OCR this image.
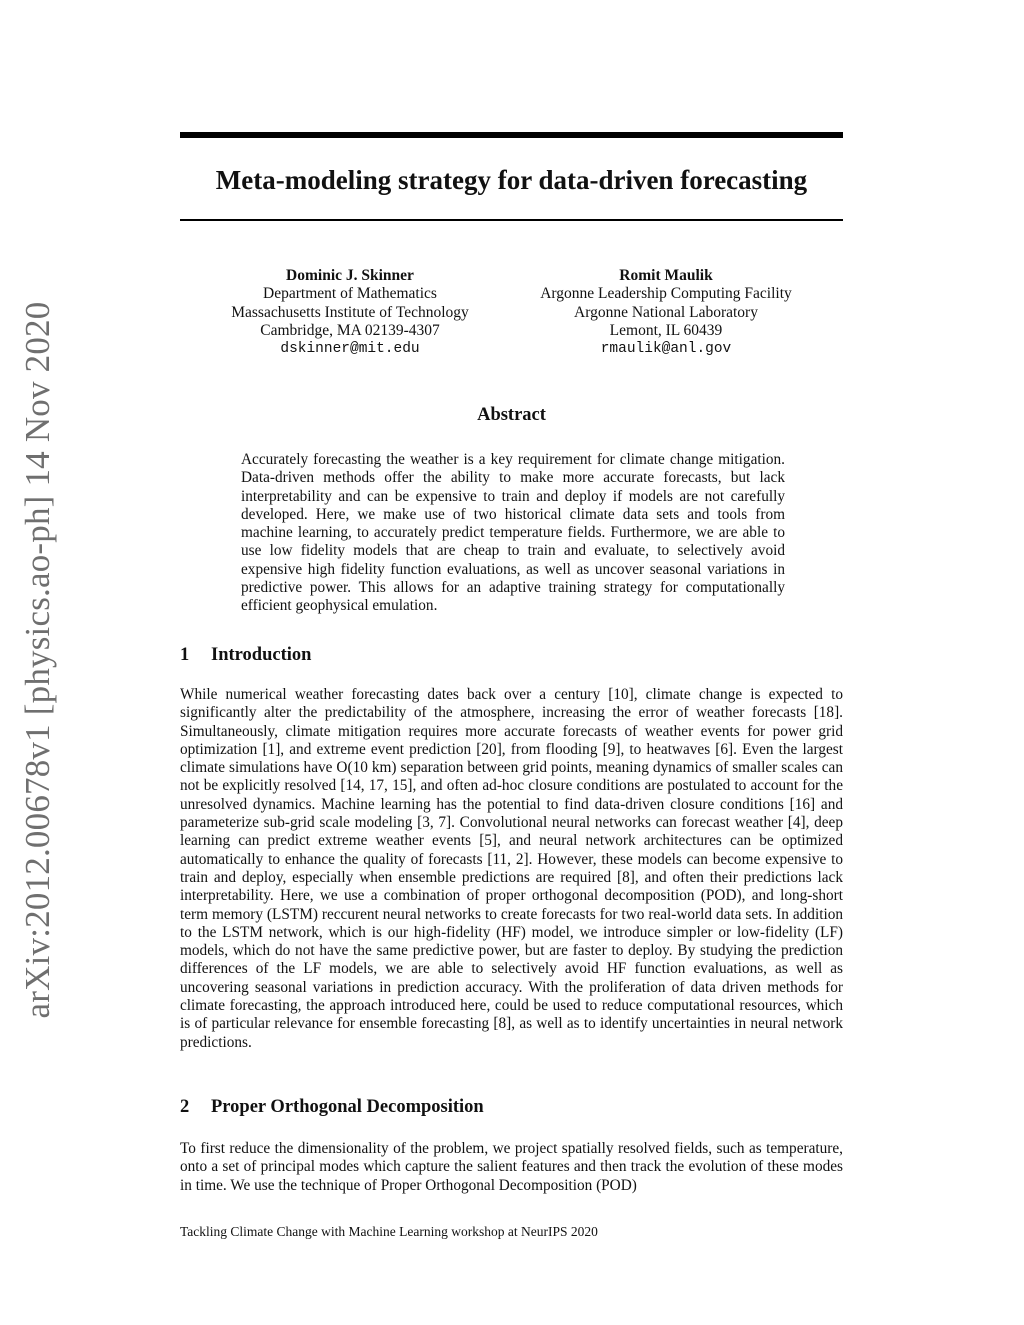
arXiv:2012.00678v1 [physics.ao-ph] 14 Nov 2020
Meta-modeling strategy for data-driven forecasting
Dominic J. Skinner
Department of Mathematics
Massachusetts Institute of Technology
Cambridge, MA 02139-4307
dskinner@mit.edu
Romit Maulik
Argonne Leadership Computing Facility
Argonne National Laboratory
Lemont, IL 60439
rmaulik@anl.gov
Abstract

Accurately forecasting the weather is a key requirement for climate change mitigation. Data-driven methods offer the ability to make more accurate forecasts, but lack interpretability and can be expensive to train and deploy if models are not carefully developed. Here, we make use of two historical climate data sets and tools from machine learning, to accurately predict temperature fields. Furthermore, we are able to use low fidelity models that are cheap to train and evaluate, to selectively avoid expensive high fidelity function evaluations, as well as uncover seasonal variations in predictive power. This allows for an adaptive training strategy for computationally efficient geophysical emulation.

1 Introduction

While numerical weather forecasting dates back over a century [10], climate change is expected to significantly alter the predictability of the atmosphere, increasing the error of weather forecasts [18]. Simultaneously, climate mitigation requires more accurate forecasts of weather events for power grid optimization [1], and extreme event prediction [20], from flooding [9], to heatwaves [6]. Even the largest climate simulations have O(10 km) separation between grid points, meaning dynamics of smaller scales can not be explicitly resolved [14, 17, 15], and often ad-hoc closure conditions are postulated to account for the unresolved dynamics. Machine learning has the potential to find data-driven closure conditions [16] and parameterize sub-grid scale modeling [3, 7]. Convolutional neural networks can forecast weather [4], deep learning can predict extreme weather events [5], and neural network architectures can be optimized automatically to enhance the quality of forecasts [11, 2]. However, these models can become expensive to train and deploy, especially when ensemble predictions are required [8], and often their predictions lack interpretability. Here, we use a combination of proper orthogonal decomposition (POD), and long-short term memory (LSTM) reccurent neural networks to create forecasts for two real-world data sets. In addition to the LSTM network, which is our high-fidelity (HF) model, we introduce simpler or low-fidelity (LF) models, which do not have the same predictive power, but are faster to deploy. By studying the prediction differences of the LF models, we are able to selectively avoid HF function evaluations, as well as uncovering seasonal variations in prediction accuracy. With the proliferation of data driven methods for climate forecasting, the approach introduced here, could be used to reduce computational resources, which is of particular relevance for ensemble forecasting [8], as well as to identify uncertainties in neural network predictions.

2 Proper Orthogonal Decomposition

To first reduce the dimensionality of the problem, we project spatially resolved fields, such as temperature, onto a set of principal modes which capture the salient features and then track the evolution of these modes in time. We use the technique of Proper Orthogonal Decomposition (POD)

Tackling Climate Change with Machine Learning workshop at NeurIPS 2020
